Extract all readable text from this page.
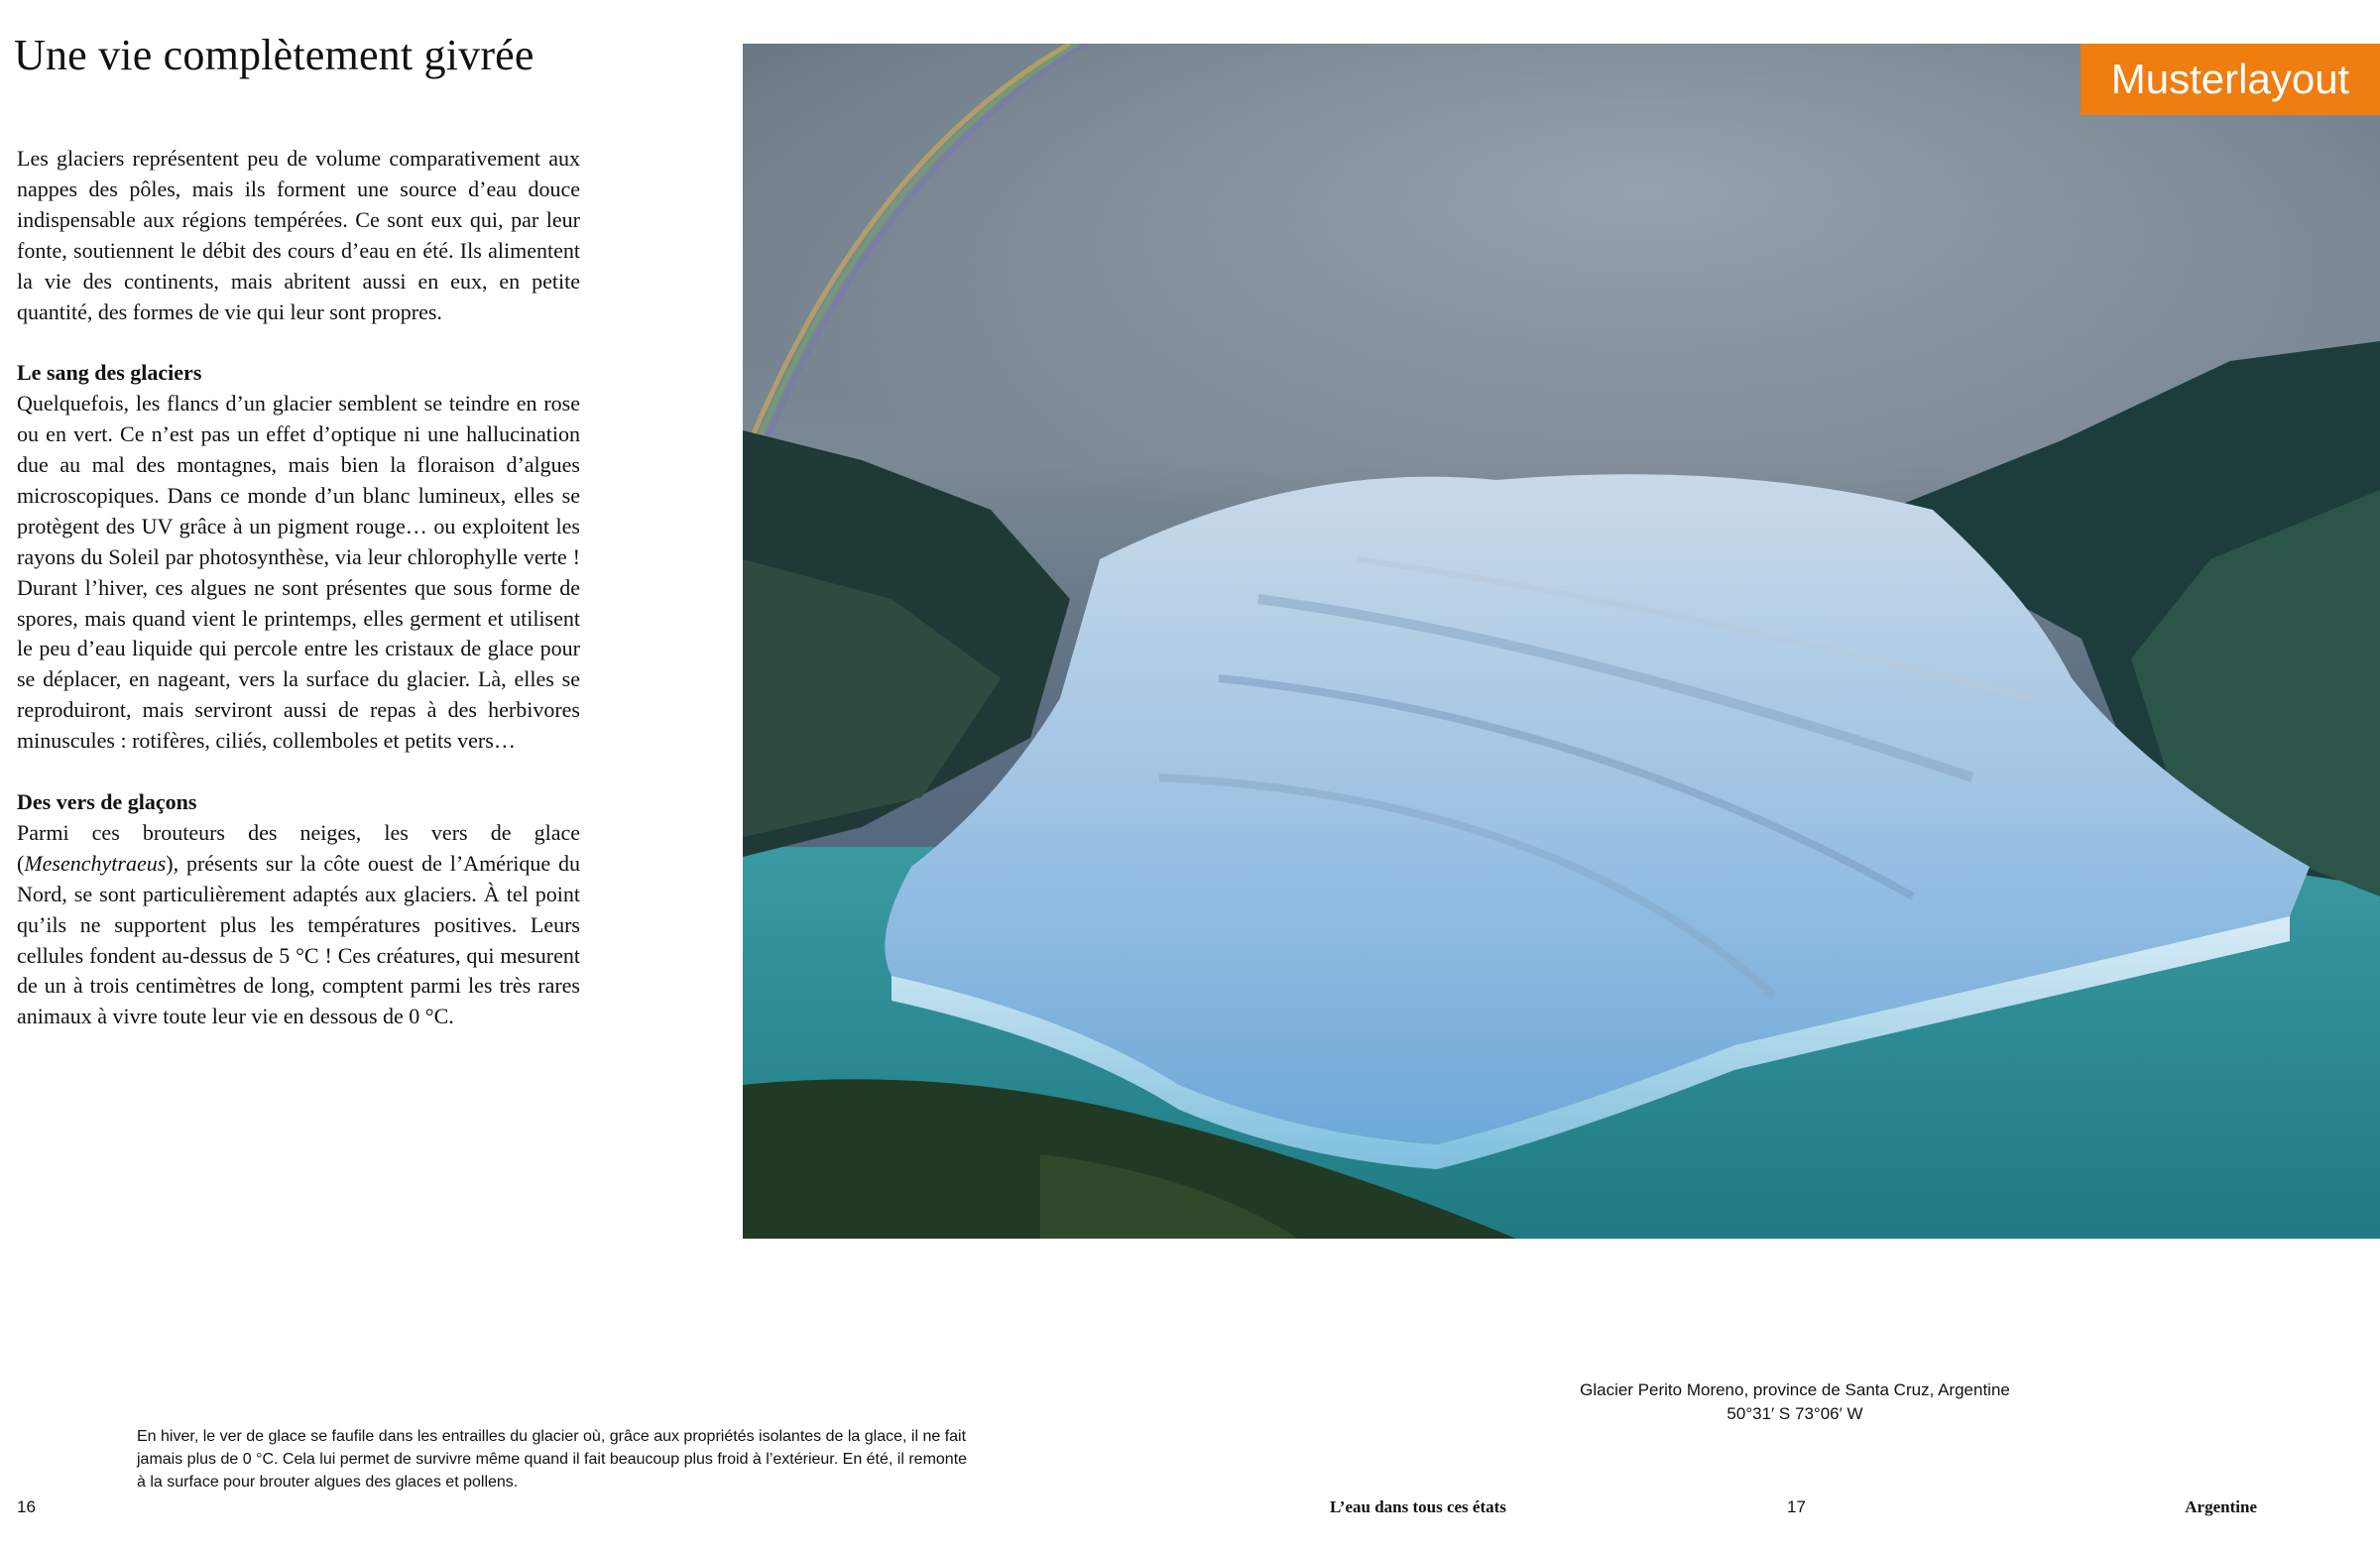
Une vie complètement givrée

Les glaciers représentent peu de volume comparativement aux nappes des pôles, mais ils forment une source d’eau douce indispensable aux régions tempérées. Ce sont eux qui, par leur fonte, soutiennent le débit des cours d’eau en été. Ils alimentent la vie des continents, mais abritent aussi en eux, en petite quantité, des formes de vie qui leur sont propres.

Le sang des glaciers

Quelquefois, les flancs d’un glacier semblent se teindre en rose ou en vert. Ce n’est pas un effet d’optique ni une hallucination due au mal des montagnes, mais bien la floraison d’algues microscopiques. Dans ce monde d’un blanc lumineux, elles se protègent des UV grâce à un pigment rouge… ou exploitent les rayons du Soleil par photosynthèse, via leur chlorophylle verte ! Durant l’hiver, ces algues ne sont présentes que sous forme de spores, mais quand vient le printemps, elles germent et utilisent le peu d’eau liquide qui percole entre les cristaux de glace pour se déplacer, en nageant, vers la surface du glacier. Là, elles se reproduiront, mais serviront aussi de repas à des herbivores minuscules : rotifères, ciliés, collemboles et petits vers…

Des vers de glaçons

Parmi ces brouteurs des neiges, les vers de glace (Mesenchytraeus), présents sur la côte ouest de l’Amérique du Nord, se sont particulièrement adaptés aux glaciers. À tel point qu’ils ne supportent plus les températures positives. Leurs cellules fondent au-dessus de 5 °C ! Ces créatures, qui mesurent de un à trois centimètres de long, comptent parmi les très rares animaux à vivre toute leur vie en dessous de 0 °C.

Musterlayout
Glacier Perito Moreno, province de Santa Cruz, Argentine
50°31′ S 73°06′ W
En hiver, le ver de glace se faufile dans les entrailles du glacier où, grâce aux propriétés isolantes de la glace, il ne fait jamais plus de 0 °C. Cela lui permet de survivre même quand il fait beaucoup plus froid à l’extérieur. En été, il remonte à la surface pour brouter algues des glaces et pollens.
16	L’eau dans tous ces états	17	Argentine
